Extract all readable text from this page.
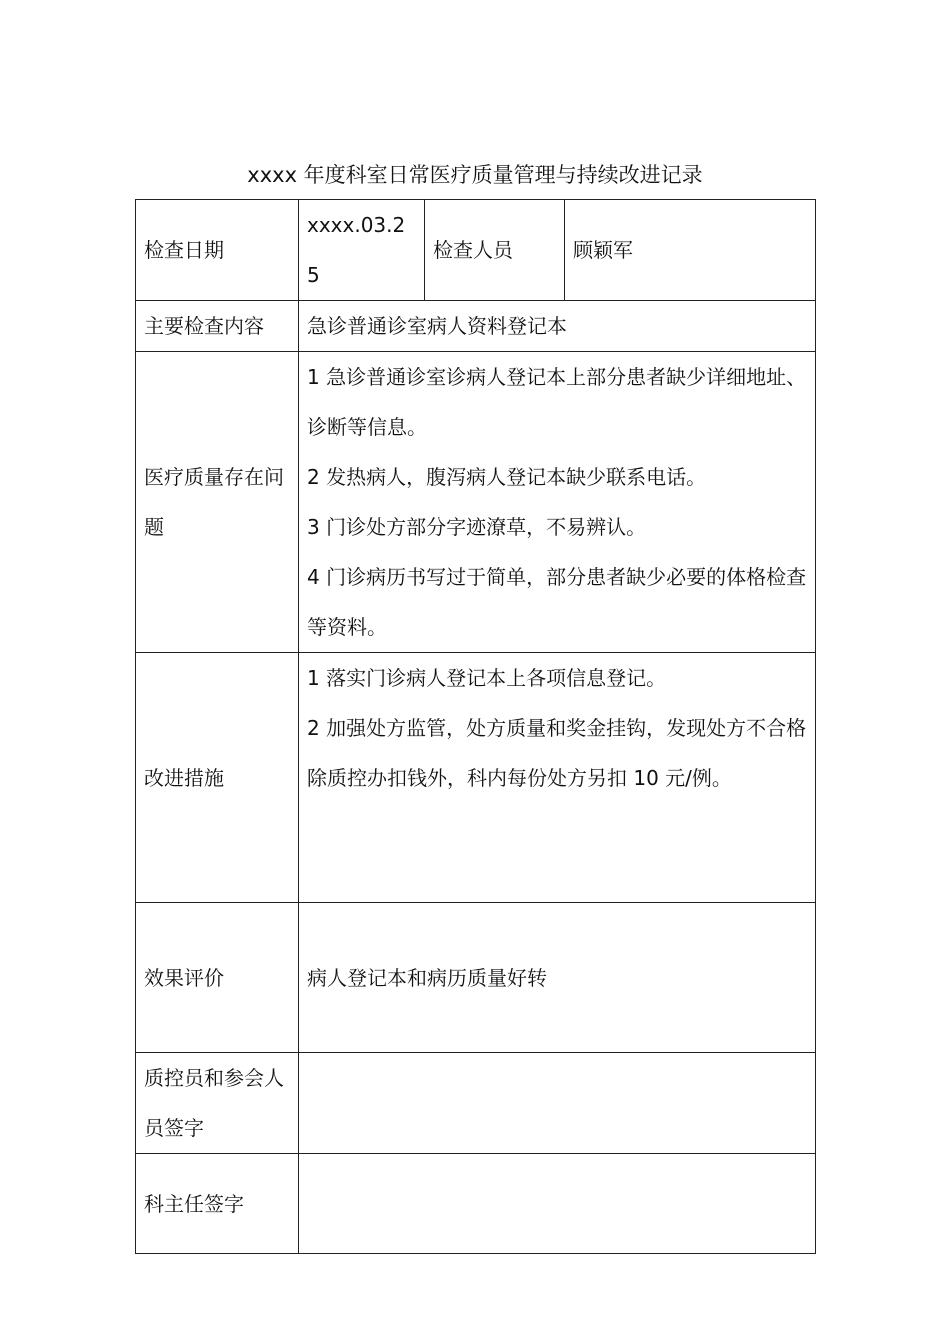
xxxx 年度科室日常医疗质量管理与持续改进记录
检查日期	xxxx.03.25	检查人员	顾颖军
主要检查内容	急诊普通诊室病人资料登记本		
医疗质量存在问题	1 急诊普通诊室诊病人登记本上部分患者缺少详细地址、诊断等信息。
2 发热病人，腹泻病人登记本缺少联系电话。
3 门诊处方部分字迹潦草，不易辨认。
4 门诊病历书写过于简单，部分患者缺少必要的体格检查等资料。		

改进措施	1 落实门诊病人登记本上各项信息登记。
2 加强处方监管，处方质量和奖金挂钩，发现处方不合格除质控办扣钱外，科内每份处方另扣 10 元/例。		

效果评价	病人登记本和病历质量好转		
质控员和参会人员签字			
科主任签字			
